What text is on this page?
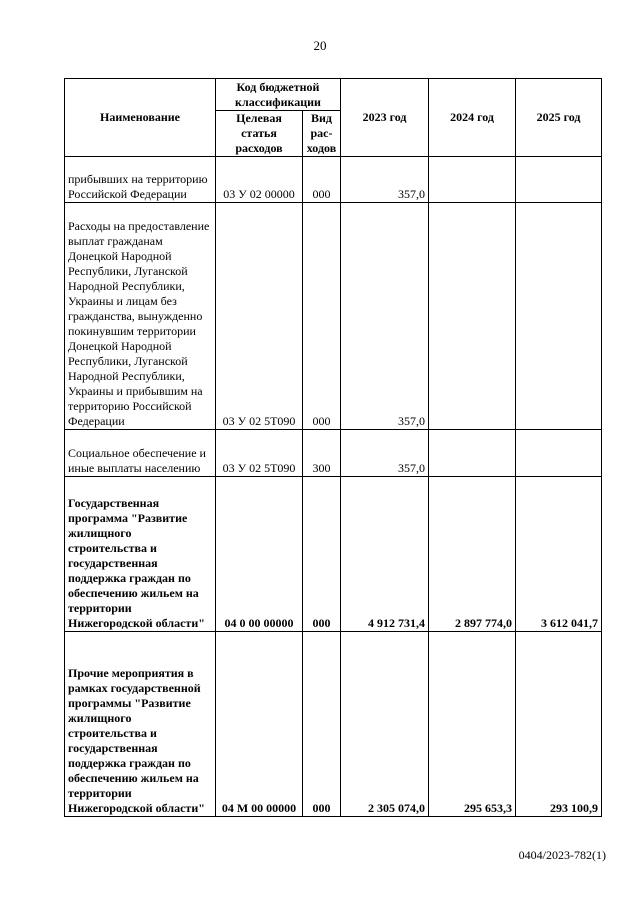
20
Наименование	Код бюджетной классификации		2023 год	2024 год	2025 год
	Целевая статья расходов	Вид рас-ходов			
прибывших на территорию Российской Федерации	03 У 02 00000	000	357,0		
Расходы на предоставление выплат гражданам Донецкой Народной Республики, Луганской Народной Республики, Украины и лицам без гражданства, вынужденно покинувшим территории Донецкой Народной Республики, Луганской Народной Республики, Украины и прибывшим на территорию Российской Федерации	03 У 02 5Т090	000	357,0		
Социальное обеспечение и иные выплаты населению	03 У 02 5Т090	300	357,0		
Государственная программа "Развитие жилищного строительства и государственная поддержка граждан по обеспечению жильем на территории Нижегородской области"	04 0 00 00000	000	4 912 731,4	2 897 774,0	3 612 041,7
Прочие мероприятия в рамках государственной программы "Развитие жилищного строительства и государственная поддержка граждан по обеспечению жильем на территории Нижегородской области"	04 М 00 00000	000	2 305 074,0	295 653,3	293 100,9
0404/2023-782(1)
